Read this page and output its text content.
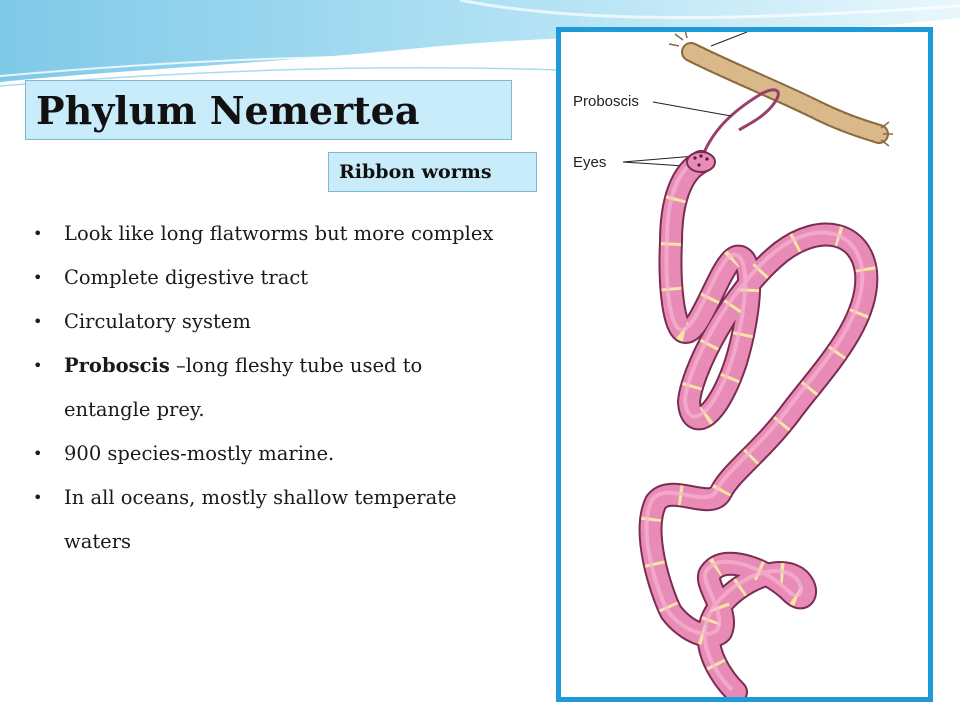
Phylum Nemertea
Ribbon worms
• Look like long flatworms but more complex
• Complete digestive tract
• Circulatory system
• Proboscis –long fleshy tube used to
entangle prey.
• 900 species-mostly marine.
• In all oceans, mostly shallow temperate
waters
Proboscis
Eyes
